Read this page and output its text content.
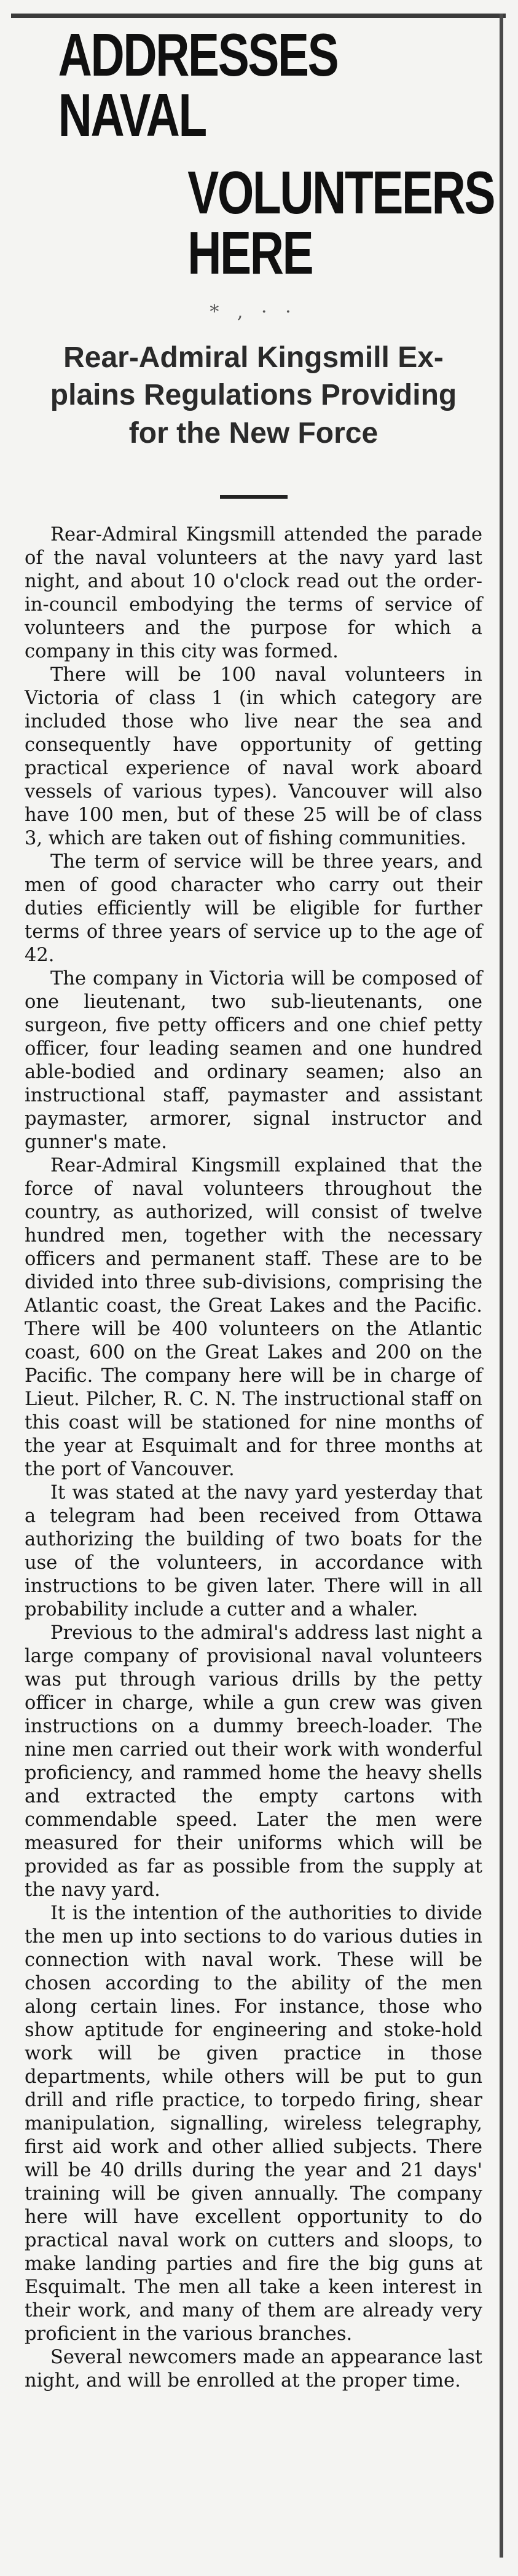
ADDRESSES NAVAL
VOLUNTEERS HERE
* , · ·
Rear-Admiral Kingsmill Ex-
plains Regulations Providing
for the New Force

Rear-Admiral Kingsmill attended the parade of the naval volunteers at the navy yard last night, and about 10 o'clock read out the order-in-council embodying the terms of service of volunteers and the purpose for which a company in this city was formed.

There will be 100 naval volunteers in Victoria of class 1 (in which category are included those who live near the sea and consequently have opportunity of getting practical experience of naval work aboard vessels of various types). Vancouver will also have 100 men, but of these 25 will be of class 3, which are taken out of fishing communities.

The term of service will be three years, and men of good character who carry out their duties efficiently will be eligible for further terms of three years of service up to the age of 42.

The company in Victoria will be composed of one lieutenant, two sub-lieutenants, one surgeon, five petty officers and one chief petty officer, four leading seamen and one hundred able-bodied and ordinary seamen; also an instructional staff, paymaster and assistant paymaster, armorer, signal instructor and gunner's mate.

Rear-Admiral Kingsmill explained that the force of naval volunteers throughout the country, as authorized, will consist of twelve hundred men, together with the necessary officers and permanent staff. These are to be divided into three sub-divisions, comprising the Atlantic coast, the Great Lakes and the Pacific. There will be 400 volunteers on the Atlantic coast, 600 on the Great Lakes and 200 on the Pacific. The company here will be in charge of Lieut. Pilcher, R. C. N. The instructional staff on this coast will be stationed for nine months of the year at Esquimalt and for three months at the port of Vancouver.

It was stated at the navy yard yesterday that a telegram had been received from Ottawa authorizing the building of two boats for the use of the volunteers, in accordance with instructions to be given later. There will in all probability include a cutter and a whaler.

Previous to the admiral's address last night a large company of provisional naval volunteers was put through various drills by the petty officer in charge, while a gun crew was given instructions on a dummy breech-loader. The nine men carried out their work with wonderful proficiency, and rammed home the heavy shells and extracted the empty cartons with commendable speed. Later the men were measured for their uniforms which will be provided as far as possible from the supply at the navy yard.

It is the intention of the authorities to divide the men up into sections to do various duties in connection with naval work. These will be chosen according to the ability of the men along certain lines. For instance, those who show aptitude for engineering and stoke-hold work will be given practice in those departments, while others will be put to gun drill and rifle practice, to torpedo firing, shear manipulation, signalling, wireless telegraphy, first aid work and other allied subjects. There will be 40 drills during the year and 21 days' training will be given annually. The company here will have excellent opportunity to do practical naval work on cutters and sloops, to make landing parties and fire the big guns at Esquimalt. The men all take a keen interest in their work, and many of them are already very proficient in the various branches.

Several newcomers made an appearance last night, and will be enrolled at the proper time.
